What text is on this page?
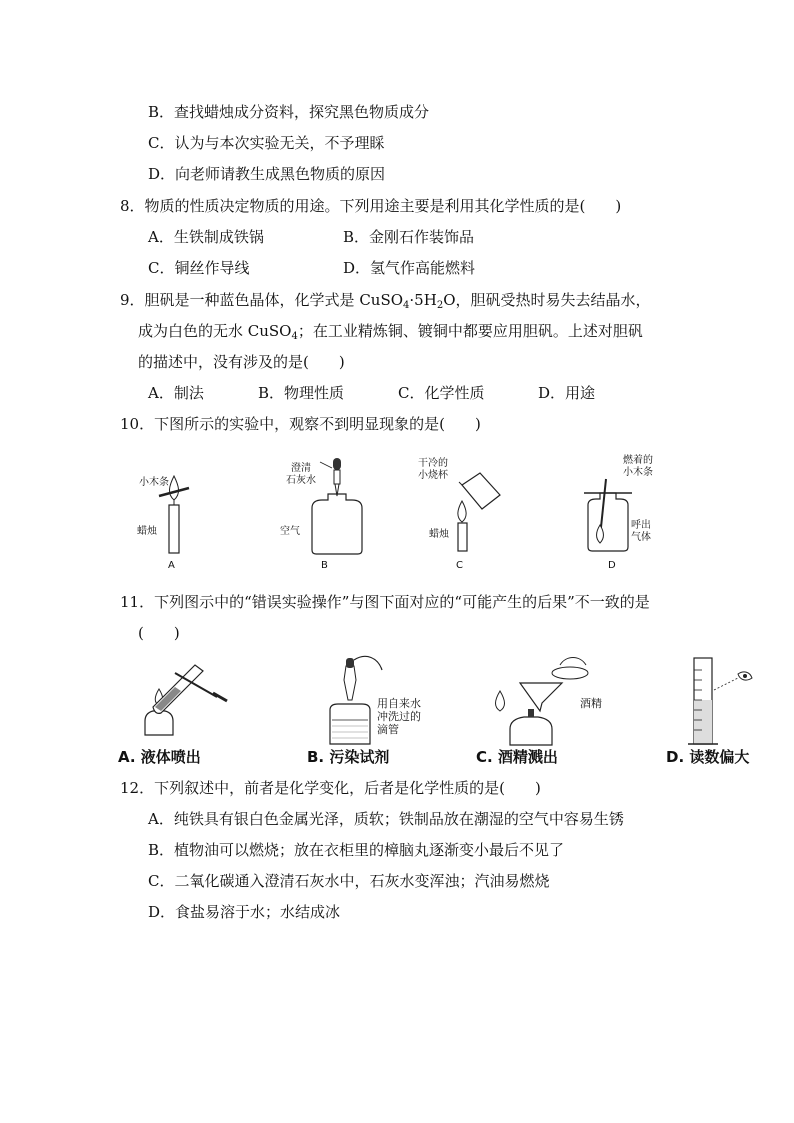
B．查找蜡烛成分资料，探究黑色物质成分
C．认为与本次实验无关，不予理睬
D．向老师请教生成黑色物质的原因
8．物质的性质决定物质的用途。下列用途主要是利用其化学性质的是(　　)
A．生铁制成铁锅	B．金刚石作装饰品
C．铜丝作导线	D．氢气作高能燃料
9．胆矾是一种蓝色晶体，化学式是 $CuSO_4\cdot 5H_2O$，胆矾受热时易失去结晶水，
成为白色的无水 CuSO$_4$；在工业精炼铜、镀铜中都要应用胆矾。上述对胆矾
的描述中，没有涉及的是(　　)
A．制法	B．物理性质	C．化学性质	D．用途
10．下图所示的实验中，观察不到明显现象的是(　　)
小木条
蜡烛
A
澄清
石灰水
空气
B
干冷的
小烧杯
蜡烛
C
燃着的
小木条
呼出
气体
D
11．下列图示中的“错误实验操作”与图下面对应的“可能产生的后果”不一致的是
(　　)
用自来水
冲洗过的
滴管
酒精
A. 液体喷出	B. 污染试剂	C. 酒精溅出	D. 读数偏大
12．下列叙述中，前者是化学变化，后者是化学性质的是(　　)
A．纯铁具有银白色金属光泽，质软；铁制品放在潮湿的空气中容易生锈
B．植物油可以燃烧；放在衣柜里的樟脑丸逐渐变小最后不见了
C．二氧化碳通入澄清石灰水中，石灰水变浑浊；汽油易燃烧
D．食盐易溶于水；水结成冰
